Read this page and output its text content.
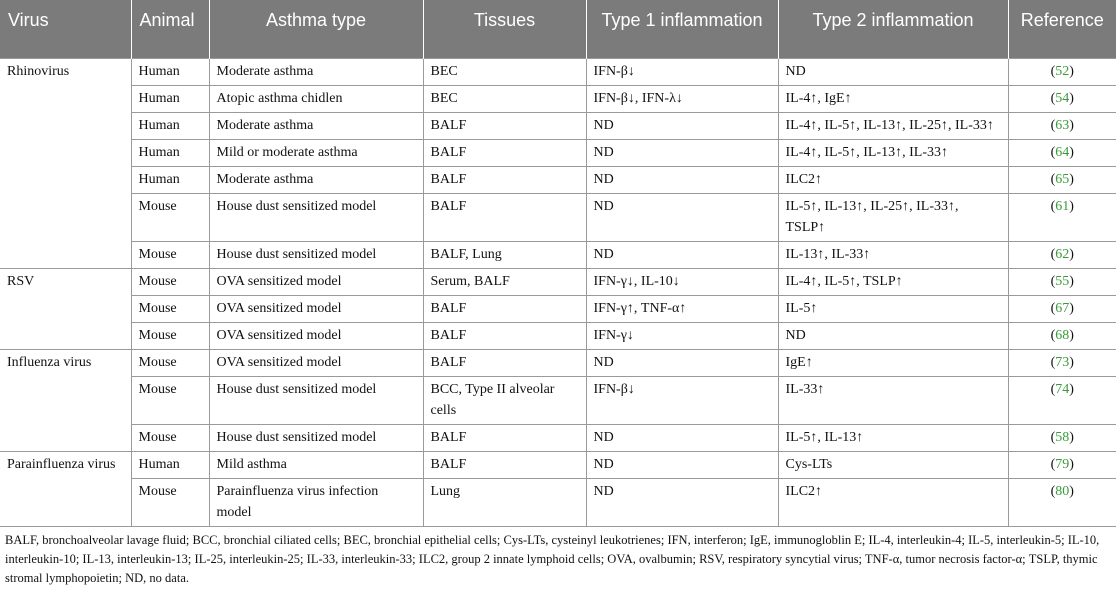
Virus	Animal	Asthma type	Tissues	Type 1 inflammation	Type 2 inflammation	Reference
Rhinovirus	Human	Moderate asthma	BEC	IFN-β↓	ND	(52)
	Human	Atopic asthma chidlen	BEC	IFN-β↓, IFN-λ↓	IL-4↑, IgE↑	(54)
	Human	Moderate asthma	BALF	ND	IL-4↑, IL-5↑, IL-13↑, IL-25↑, IL-33↑	(63)
	Human	Mild or moderate asthma	BALF	ND	IL-4↑, IL-5↑, IL-13↑, IL-33↑	(64)
	Human	Moderate asthma	BALF	ND	ILC2↑	(65)
	Mouse	House dust sensitized model	BALF	ND	IL-5↑, IL-13↑, IL-25↑, IL-33↑, TSLP↑	(61)
	Mouse	House dust sensitized model	BALF, Lung	ND	IL-13↑, IL-33↑	(62)
RSV	Mouse	OVA sensitized model	Serum, BALF	IFN-γ↓, IL-10↓	IL-4↑, IL-5↑, TSLP↑	(55)
	Mouse	OVA sensitized model	BALF	IFN-γ↑, TNF-α↑	IL-5↑	(67)
	Mouse	OVA sensitized model	BALF	IFN-γ↓	ND	(68)
Influenza virus	Mouse	OVA sensitized model	BALF	ND	IgE↑	(73)
	Mouse	House dust sensitized model	BCC, Type II alveolar cells	IFN-β↓	IL-33↑	(74)
	Mouse	House dust sensitized model	BALF	ND	IL-5↑, IL-13↑	(58)
Parainfluenza virus	Human	Mild asthma	BALF	ND	Cys-LTs	(79)
	Mouse	Parainfluenza virus infection model	Lung	ND	ILC2↑	(80)

BALF, bronchoalveolar lavage fluid; BCC, bronchial ciliated cells; BEC, bronchial epithelial cells; Cys-LTs, cysteinyl leukotrienes; IFN, interferon; IgE, immunogloblin E; IL-4, interleukin-4; IL-5, interleukin-5; IL-10, interleukin-10; IL-13, interleukin-13; IL-25, interleukin-25; IL-33, interleukin-33; ILC2, group 2 innate lymphoid cells; OVA, ovalbumin; RSV, respiratory syncytial virus; TNF-α, tumor necrosis factor-α; TSLP, thymic stromal lymphopoietin; ND, no data.
